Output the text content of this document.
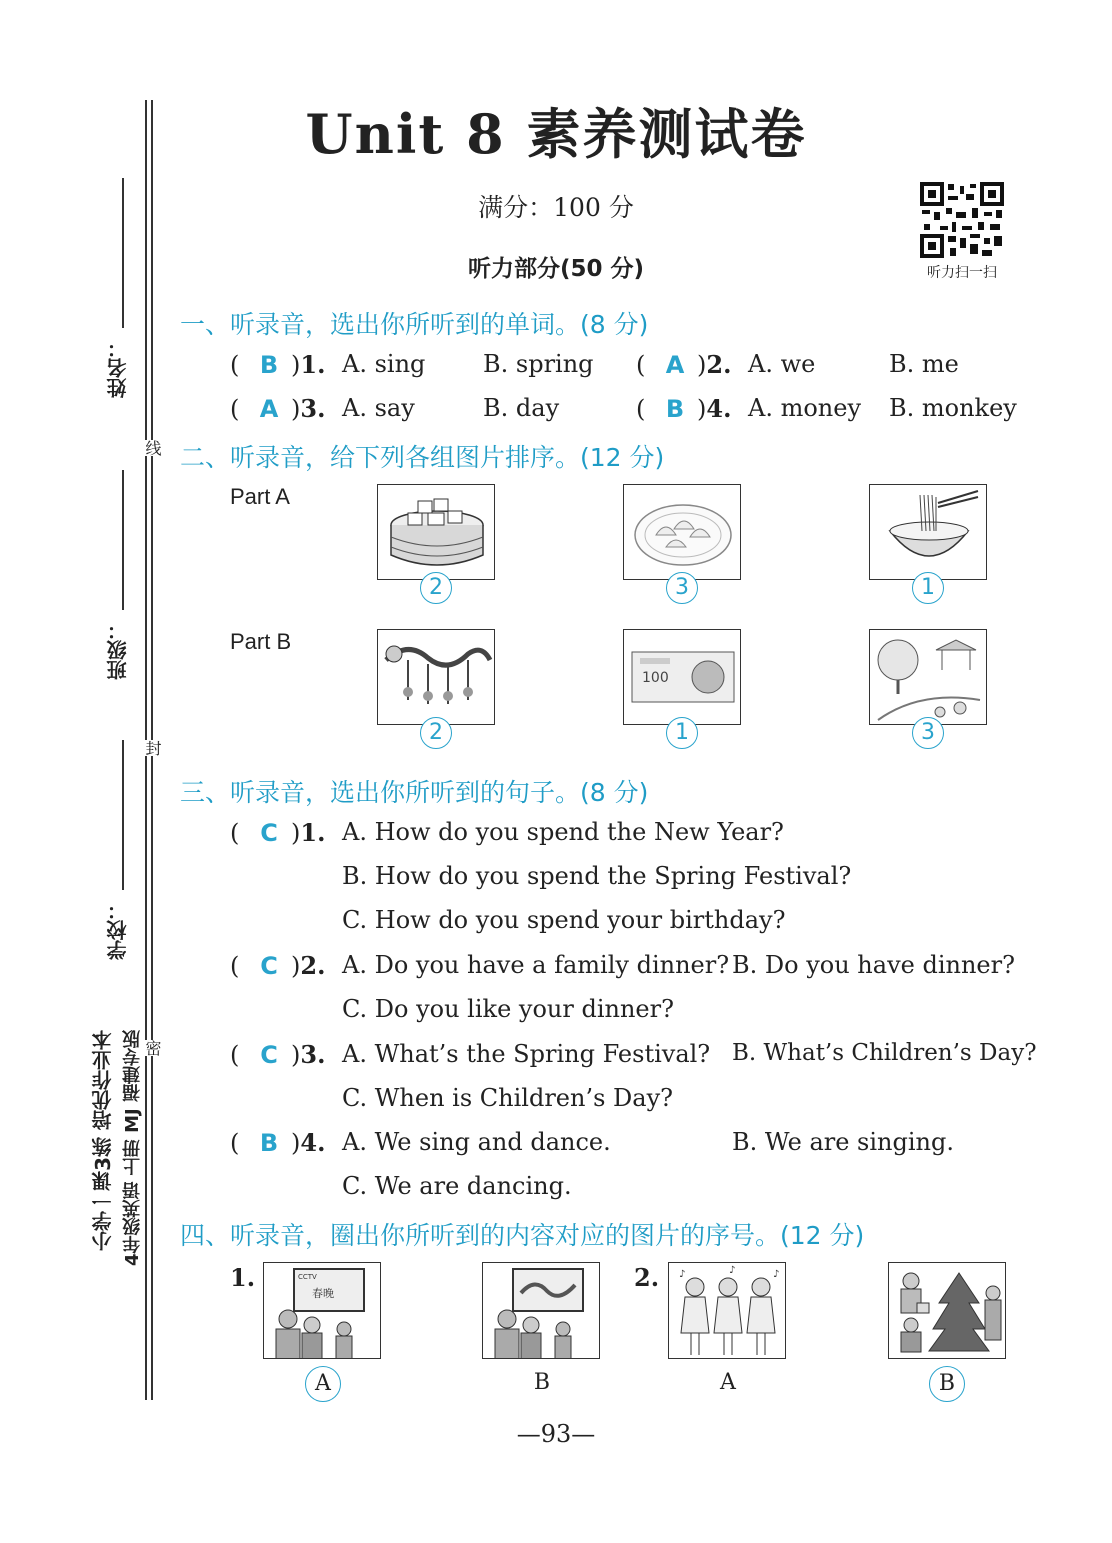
姓名：
班级：
学校：
线
封
密
小学一课3练 培优作业本 4年级英语 上册 MJ 福建专版
Unit 8 素养测试卷
满分：100 分
听力部分(50 分)	听力扫一扫
一、听录音，选出你所听到的单词。(8 分)
( B )1. A. sing B. spring ( A )2. A. we	B. me
( A )3. A. say	B. day	( B )4. A. money B. monkey
二、听录音，给下列各组图片排序。(12 分)
Part A
Part B
2	3	1
100
2	1	3
三、听录音，选出你所听到的句子。(8 分)
( C )1. A. How do you spend the New Year?
B. How do you spend the Spring Festival?
C. How do you spend your birthday?
( C )2. A. Do you have a family dinner? B. Do you have dinner?
C. Do you like your dinner?
( C )3. A. What’s the Spring Festival? B. What’s Children’s Day?
C. When is Children’s Day?
( B )4. A. We sing and dance.	B. We are singing.
C. We are dancing.
四、听录音，圈出你所听到的内容对应的图片的序号。(12 分)
1.	2.
CCTV
春晚
♪	♪	♪
A	B	A	B
—93—
